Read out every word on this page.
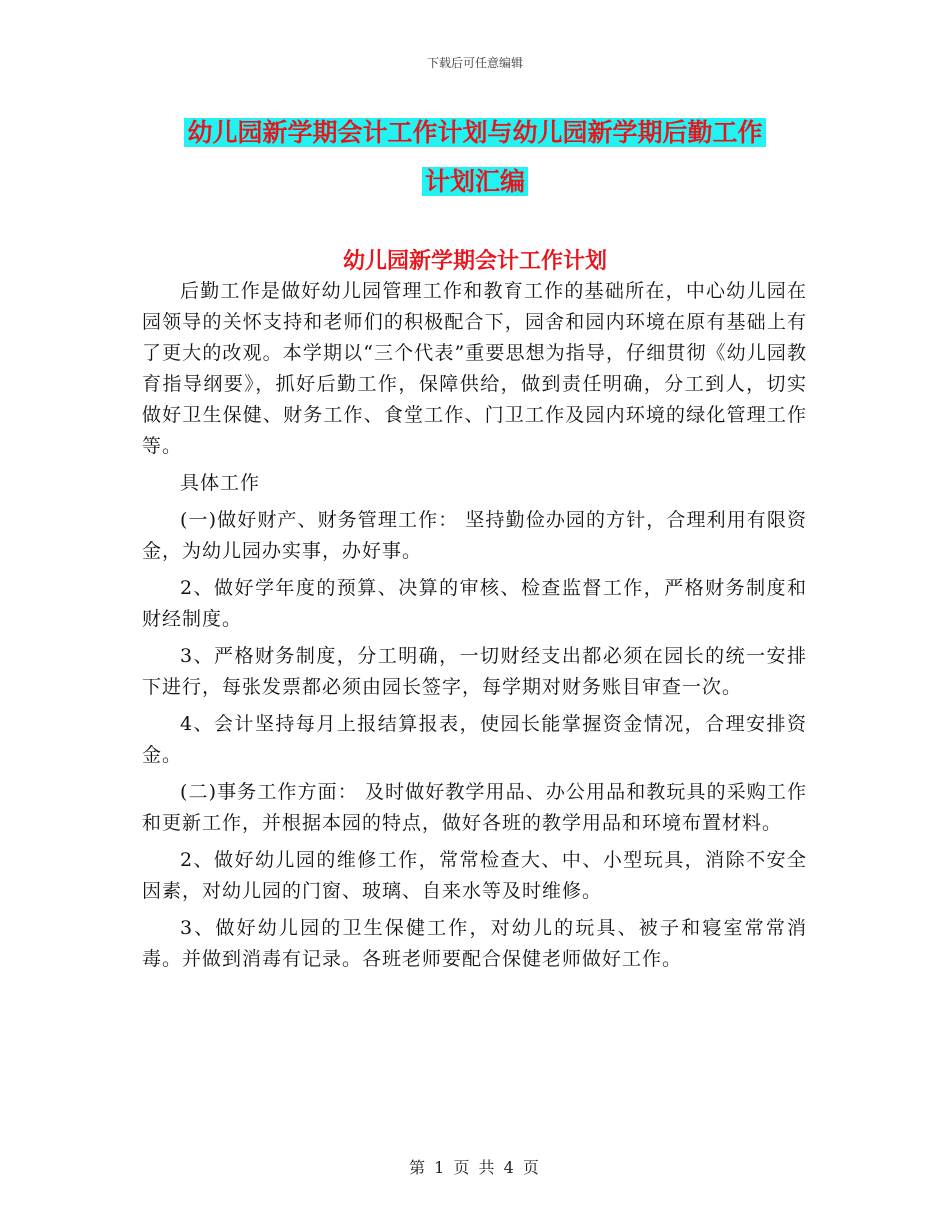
下载后可任意编辑
幼儿园新学期会计工作计划与幼儿园新学期后勤工作
计划汇编
幼儿园新学期会计工作计划

后勤工作是做好幼儿园管理工作和教育工作的基础所在，中心幼儿园在园领导的关怀支持和老师们的积极配合下，园舍和园内环境在原有基础上有了更大的改观。本学期以“三个代表”重要思想为指导，仔细贯彻《幼儿园教育指导纲要》，抓好后勤工作，保障供给，做到责任明确，分工到人，切实做好卫生保健、财务工作、食堂工作、门卫工作及园内环境的绿化管理工作等。

具体工作

(一)做好财产、财务管理工作： 坚持勤俭办园的方针，合理利用有限资金，为幼儿园办实事，办好事。

2、做好学年度的预算、决算的审核、检查监督工作，严格财务制度和财经制度。

3、严格财务制度，分工明确，一切财经支出都必须在园长的统一安排下进行，每张发票都必须由园长签字，每学期对财务账目审查一次。

4、会计坚持每月上报结算报表，使园长能掌握资金情况，合理安排资金。

(二)事务工作方面： 及时做好教学用品、办公用品和教玩具的采购工作和更新工作，并根据本园的特点，做好各班的教学用品和环境布置材料。

2、做好幼儿园的维修工作，常常检查大、中、小型玩具，消除不安全因素，对幼儿园的门窗、玻璃、自来水等及时维修。

3、做好幼儿园的卫生保健工作，对幼儿的玩具、被子和寝室常常消毒。并做到消毒有记录。各班老师要配合保健老师做好工作。

第 1 页 共 4 页
